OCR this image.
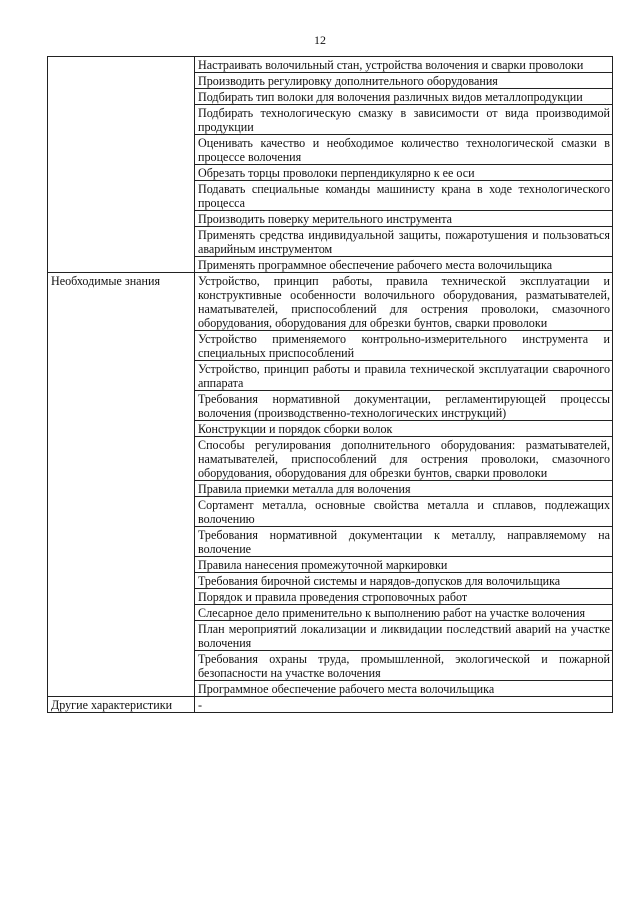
12
	Настраивать волочильный стан, устройства волочения и сварки проволоки
	Производить регулировку дополнительного оборудования
	Подбирать тип волоки для волочения различных видов металлопродукции
	Подбирать технологическую смазку в зависимости от вида производимой продукции
	Оценивать качество и необходимое количество технологической смазки в процессе волочения
	Обрезать торцы проволоки перпендикулярно к ее оси
	Подавать специальные команды машинисту крана в ходе технологического процесса
	Производить поверку мерительного инструмента
	Применять средства индивидуальной защиты, пожаротушения и пользоваться аварийным инструментом
	Применять программное обеспечение рабочего места волочильщика
Необходимые знания	Устройство, принцип работы, правила технической эксплуатации и конструктивные особенности волочильного оборудования, разматывателей, наматывателей, приспособлений для острения проволоки, смазочного оборудования, оборудования для обрезки бунтов, сварки проволоки
	Устройство применяемого контрольно-измерительного инструмента и специальных приспособлений
	Устройство, принцип работы и правила технической эксплуатации сварочного аппарата
	Требования нормативной документации, регламентирующей процессы волочения (производственно-технологических инструкций)
	Конструкции и порядок сборки волок
	Способы регулирования дополнительного оборудования: разматывателей, наматывателей, приспособлений для острения проволоки, смазочного оборудования, оборудования для обрезки бунтов, сварки проволоки
	Правила приемки металла для волочения
	Сортамент металла, основные свойства металла и сплавов, подлежащих волочению
	Требования нормативной документации к металлу, направляемому на волочение
	Правила нанесения промежуточной маркировки
	Требования бирочной системы и нарядов-допусков для волочильщика
	Порядок и правила проведения строповочных работ
	Слесарное дело применительно к выполнению работ на участке волочения
	План мероприятий локализации и ликвидации последствий аварий на участке волочения
	Требования охраны труда, промышленной, экологической и пожарной безопасности на участке волочения
	Программное обеспечение рабочего места волочильщика
Другие характеристики	-
